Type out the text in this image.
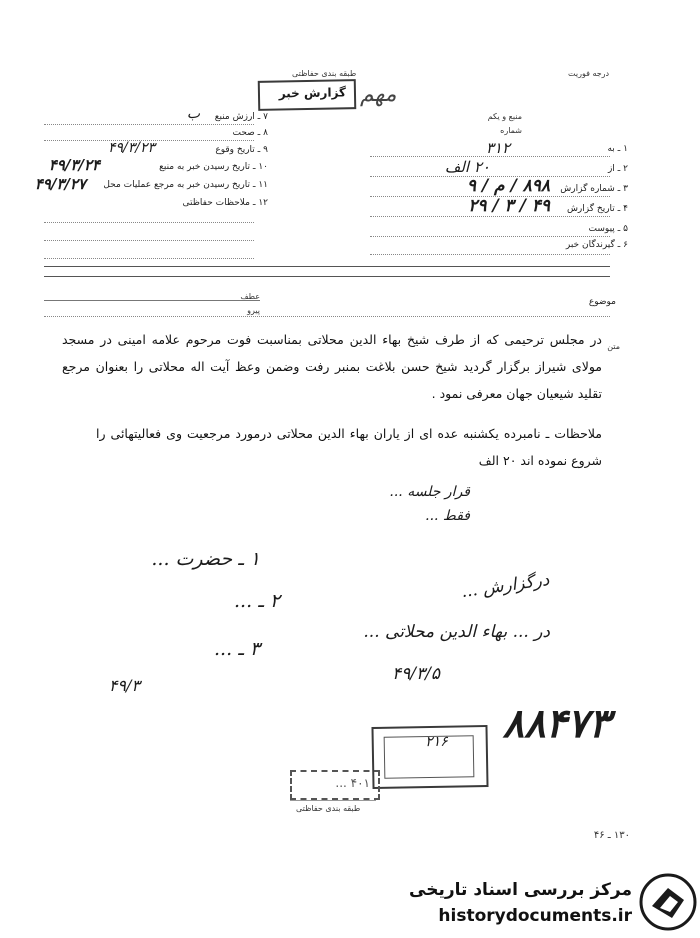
درجه فوریت
طبقه بندی حفاظتی
گزارش خبر مهم
منبع و یکم
شماره
۱ ـ به
۳۱۲
۲ ـ از
۲۰ الف
۳ ـ شماره گزارش
۸۹۸ / م / ۹
۴ ـ تاریخ گزارش
۴۹ / ۳ / ۲۹
۵ ـ پیوست
۶ ـ گیرندگان خبر
۷ ـ ارزش منبع
ب
۸ ـ صحت
۹ ـ تاریخ وقوع
۴۹/۳/۲۳
۱۰ ـ تاریخ رسیدن خبر به منبع
۴۹/۳/۲۴
۱۱ ـ تاریخ رسیدن خبر به مرجع عملیات محل
۴۹/۳/۲۷
۱۲ ـ ملاحظات حفاظتی
عطف
پیرو
موضوع
متن
در مجلس ترحیمی که از طرف شیخ بهاء الدین محلاتی بمناسبت فوت مرحوم علامه امینی در مسجد مولای شیراز برگزار گردید شیخ حسن بلاغت بمنبر رفت وضمن وعظ آیت اله محلاتی را بعنوان مرجع تقلید شیعیان جهان معرفی نمود .
ملاحظات ـ نامبرده یکشنبه عده ای از یاران بهاء الدین محلاتی درمورد مرجعیت وی فعالیتهائی را شروع نموده اند ۲۰ الف
قرار جلسه ...
فقط ...
۱ ـ حضرت ...
۲ ـ ...
۳ ـ ...
۴۹/۳
درگزارش ...
در ... بهاء الدین محلاتی ...
۴۹/۳/۵
۸۸۴۷۳
۲۱۶
۴۰۱ ...
طبقه بندی حفاظتی
۱۳۰ ـ ۴۶
مرکز بررسی اسناد تاریخی
historydocuments.ir
